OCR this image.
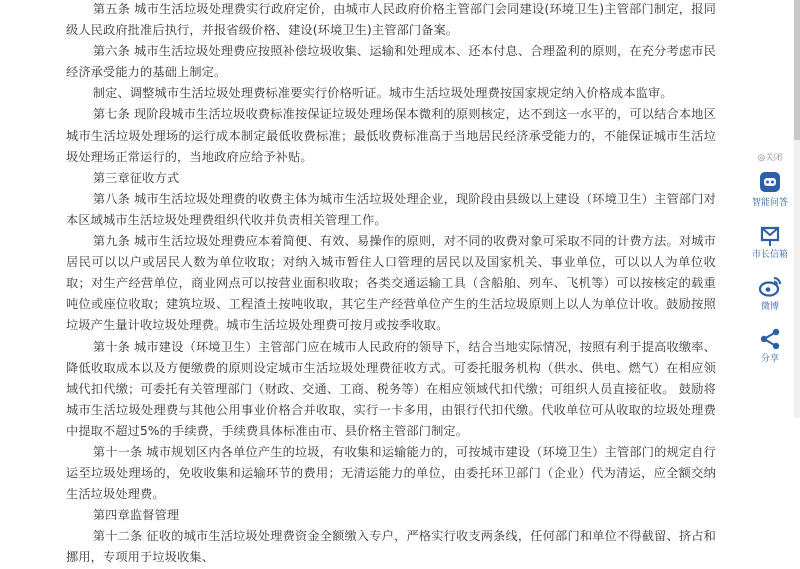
第五条 城市生活垃圾处理费实行政府定价，由城市人民政府价格主管部门会同建设(环境卫生)主管部门制定，报同级人民政府批准后执行，并报省级价格、建设(环境卫生)主管部门备案。

第六条 城市生活垃圾处理费应按照补偿垃圾收集、运输和处理成本、还本付息、合理盈利的原则，在充分考虑市民经济承受能力的基础上制定。

制定、调整城市生活垃圾处理费标准要实行价格听证。城市生活垃圾处理费按国家规定纳入价格成本监审。

第七条 现阶段城市生活垃圾收费标准按保证垃圾处理场保本微利的原则核定，达不到这一水平的，可以结合本地区城市生活垃圾处理场的运行成本制定最低收费标准；最低收费标准高于当地居民经济承受能力的，不能保证城市生活垃圾处理场正常运行的，当地政府应给予补贴。

第三章征收方式

第八条 城市生活垃圾处理费的收费主体为城市生活垃圾处理企业，现阶段由县级以上建设（环境卫生）主管部门对本区域城市生活垃圾处理费组织代收并负责相关管理工作。

第九条 城市生活垃圾处理费应本着简便、有效、易操作的原则，对不同的收费对象可采取不同的计费方法。对城市居民可以以户或居民人数为单位收取；对纳入城市暂住人口管理的居民以及国家机关、事业单位，可以以人为单位收取；对生产经营单位，商业网点可以按营业面积收取；各类交通运输工具（含船舶、列车、飞机等）可以按核定的载重吨位或座位收取；建筑垃圾、工程渣土按吨收取，其它生产经营单位产生的生活垃圾原则上以人为单位计收。鼓励按照垃圾产生量计收垃圾处理费。城市生活垃圾处理费可按月或按季收取。

第十条 城市建设（环境卫生）主管部门应在城市人民政府的领导下，结合当地实际情况，按照有利于提高收缴率、降低收取成本以及方便缴费的原则设定城市生活垃圾处理费征收方式。可委托服务机构（供水、供电、燃气）在相应领域代扣代缴；可委托有关管理部门（财政、交通、工商、税务等）在相应领域代扣代缴；可组织人员直接征收。 鼓励将城市生活垃圾处理费与其他公用事业价格合并收取，实行一卡多用，由银行代扣代缴。代收单位可从收取的垃圾处理费中提取不超过5%的手续费，手续费具体标准由市、县价格主管部门制定。

第十一条 城市规划区内各单位产生的垃圾，有收集和运输能力的，可按城市建设（环境卫生）主管部门的规定自行运至垃圾处理场的，免收收集和运输环节的费用；无清运能力的单位，由委托环卫部门（企业）代为清运，应全额交纳生活垃圾处理费。

第四章监督管理

第十二条 征收的城市生活垃圾处理费资金全额缴入专户，严格实行收支两条线，任何部门和单位不得截留、挤占和挪用，专项用于垃圾收集、

◎关闭
智能问答
市长信箱
微博
分享
